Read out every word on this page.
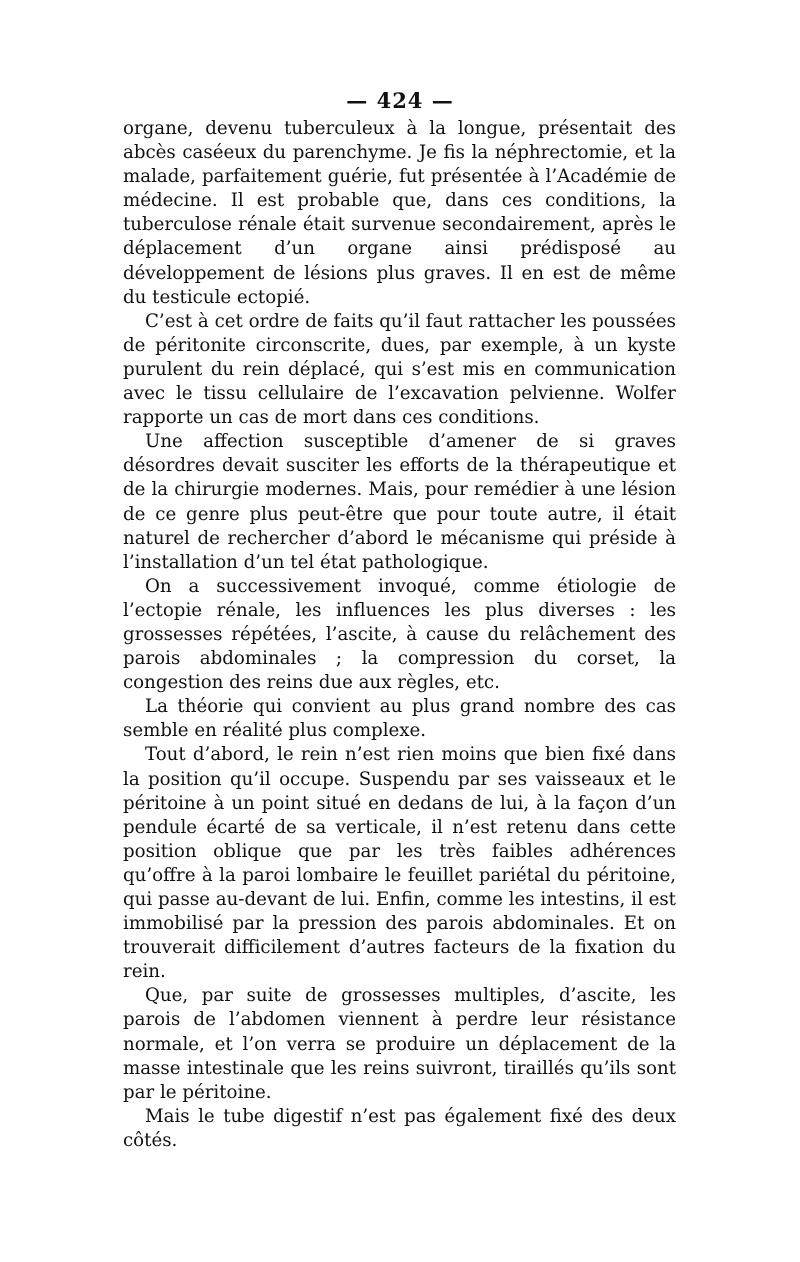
— 424 —

organe, devenu tuberculeux à la longue, présentait des abcès caséeux du parenchyme. Je fis la néphrectomie, et la malade, parfaitement guérie, fut présentée à l’Académie de médecine. Il est probable que, dans ces conditions, la tuberculose rénale était survenue secondairement, après le déplacement d’un organe ainsi prédisposé au développement de lésions plus graves. Il en est de même du testicule ectopié.

C’est à cet ordre de faits qu’il faut rattacher les poussées de péritonite circonscrite, dues, par exemple, à un kyste purulent du rein déplacé, qui s’est mis en communication avec le tissu cellulaire de l’excavation pelvienne. Wolfer rapporte un cas de mort dans ces conditions.

Une affection susceptible d’amener de si graves désordres devait susciter les efforts de la thérapeutique et de la chirurgie modernes. Mais, pour remédier à une lésion de ce genre plus peut-être que pour toute autre, il était naturel de rechercher d’abord le mécanisme qui préside à l’installation d’un tel état pathologique.

On a successivement invoqué, comme étiologie de l’ectopie rénale, les influences les plus diverses : les grossesses répétées, l’ascite, à cause du relâchement des parois abdominales ; la compression du corset, la congestion des reins due aux règles, etc.

La théorie qui convient au plus grand nombre des cas semble en réalité plus complexe.

Tout d’abord, le rein n’est rien moins que bien fixé dans la position qu’il occupe. Suspendu par ses vaisseaux et le péritoine à un point situé en dedans de lui, à la façon d’un pendule écarté de sa verticale, il n’est retenu dans cette position oblique que par les très faibles adhérences qu’offre à la paroi lombaire le feuillet pariétal du péritoine, qui passe au-devant de lui. Enfin, comme les intestins, il est immobilisé par la pression des parois abdominales. Et on trouverait difficilement d’autres facteurs de la fixation du rein.

Que, par suite de grossesses multiples, d’ascite, les parois de l’abdomen viennent à perdre leur résistance normale, et l’on verra se produire un déplacement de la masse intestinale que les reins suivront, tiraillés qu’ils sont par le péritoine.

Mais le tube digestif n’est pas également fixé des deux côtés.
